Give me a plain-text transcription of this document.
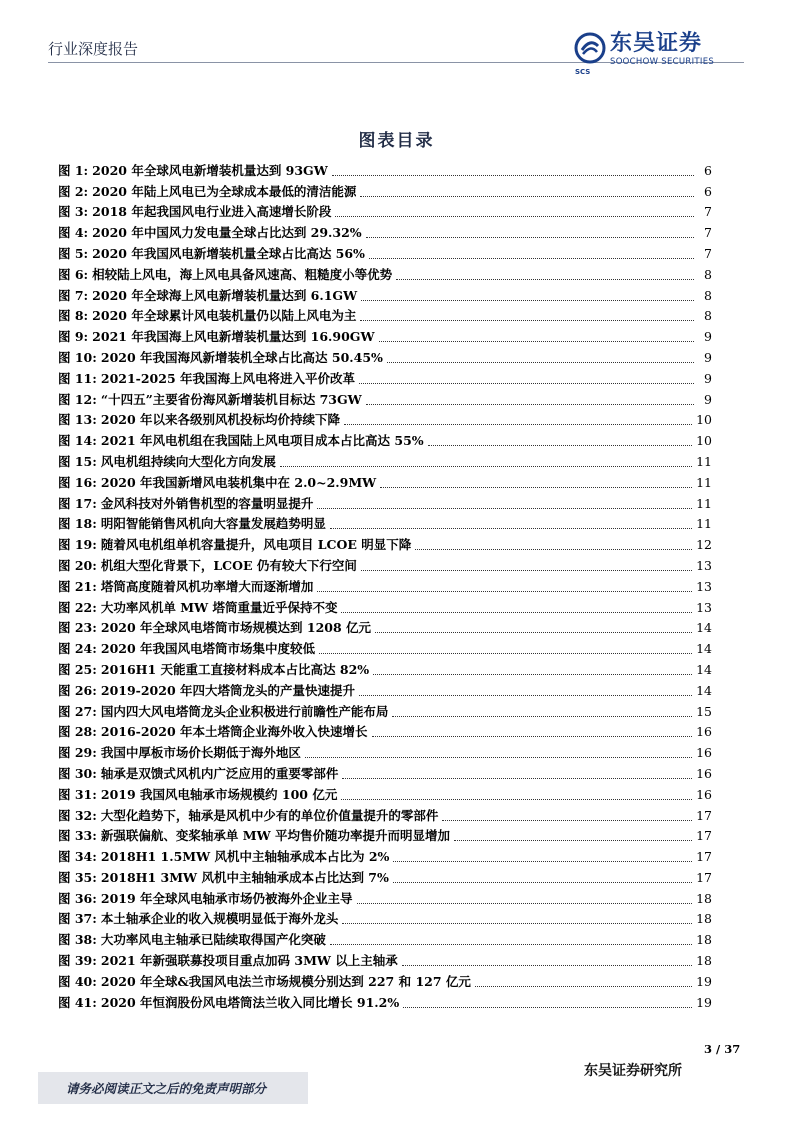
行业深度报告
SCS
东吴证券
SOOCHOW SECURITIES
图表目录
图 1: 2020 年全球风电新增装机量达到 93GW	6
图 2: 2020 年陆上风电已为全球成本最低的清洁能源	6
图 3: 2018 年起我国风电行业进入高速增长阶段	7
图 4: 2020 年中国风力发电量全球占比达到 29.32%	7
图 5: 2020 年我国风电新增装机量全球占比高达 56%	7
图 6: 相较陆上风电，海上风电具备风速高、粗糙度小等优势	8
图 7: 2020 年全球海上风电新增装机量达到 6.1GW	8
图 8: 2020 年全球累计风电装机量仍以陆上风电为主	8
图 9: 2021 年我国海上风电新增装机量达到 16.90GW	9
图 10: 2020 年我国海风新增装机全球占比高达 50.45%	9
图 11: 2021-2025 年我国海上风电将进入平价改革	9
图 12: “十四五”主要省份海风新增装机目标达 73GW	9
图 13: 2020 年以来各级别风机投标均价持续下降	10
图 14: 2021 年风电机组在我国陆上风电项目成本占比高达 55%	10
图 15: 风电机组持续向大型化方向发展	11
图 16: 2020 年我国新增风电装机集中在 2.0~2.9MW	11
图 17: 金风科技对外销售机型的容量明显提升	11
图 18: 明阳智能销售风机向大容量发展趋势明显	11
图 19: 随着风电机组单机容量提升，风电项目 LCOE 明显下降	12
图 20: 机组大型化背景下，LCOE 仍有较大下行空间	13
图 21: 塔筒高度随着风机功率增大而逐渐增加	13
图 22: 大功率风机单 MW 塔筒重量近乎保持不变	13
图 23: 2020 年全球风电塔筒市场规模达到 1208 亿元	14
图 24: 2020 年我国风电塔筒市场集中度较低	14
图 25: 2016H1 天能重工直接材料成本占比高达 82%	14
图 26: 2019-2020 年四大塔筒龙头的产量快速提升	14
图 27: 国内四大风电塔筒龙头企业积极进行前瞻性产能布局	15
图 28: 2016-2020 年本土塔筒企业海外收入快速增长	16
图 29: 我国中厚板市场价长期低于海外地区	16
图 30: 轴承是双馈式风机内广泛应用的重要零部件	16
图 31: 2019 我国风电轴承市场规模约 100 亿元	16
图 32: 大型化趋势下，轴承是风机中少有的单位价值量提升的零部件	17
图 33: 新强联偏航、变桨轴承单 MW 平均售价随功率提升而明显增加	17
图 34: 2018H1 1.5MW 风机中主轴轴承成本占比为 2%	17
图 35: 2018H1 3MW 风机中主轴轴承成本占比达到 7%	17
图 36: 2019 年全球风电轴承市场仍被海外企业主导	18
图 37: 本土轴承企业的收入规模明显低于海外龙头	18
图 38: 大功率风电主轴承已陆续取得国产化突破	18
图 39: 2021 年新强联募投项目重点加码 3MW 以上主轴承	18
图 40: 2020 年全球&我国风电法兰市场规模分别达到 227 和 127 亿元	19
图 41: 2020 年恒润股份风电塔筒法兰收入同比增长 91.2%	19
3 / 37
请务必阅读正文之后的免责声明部分
东吴证券研究所
